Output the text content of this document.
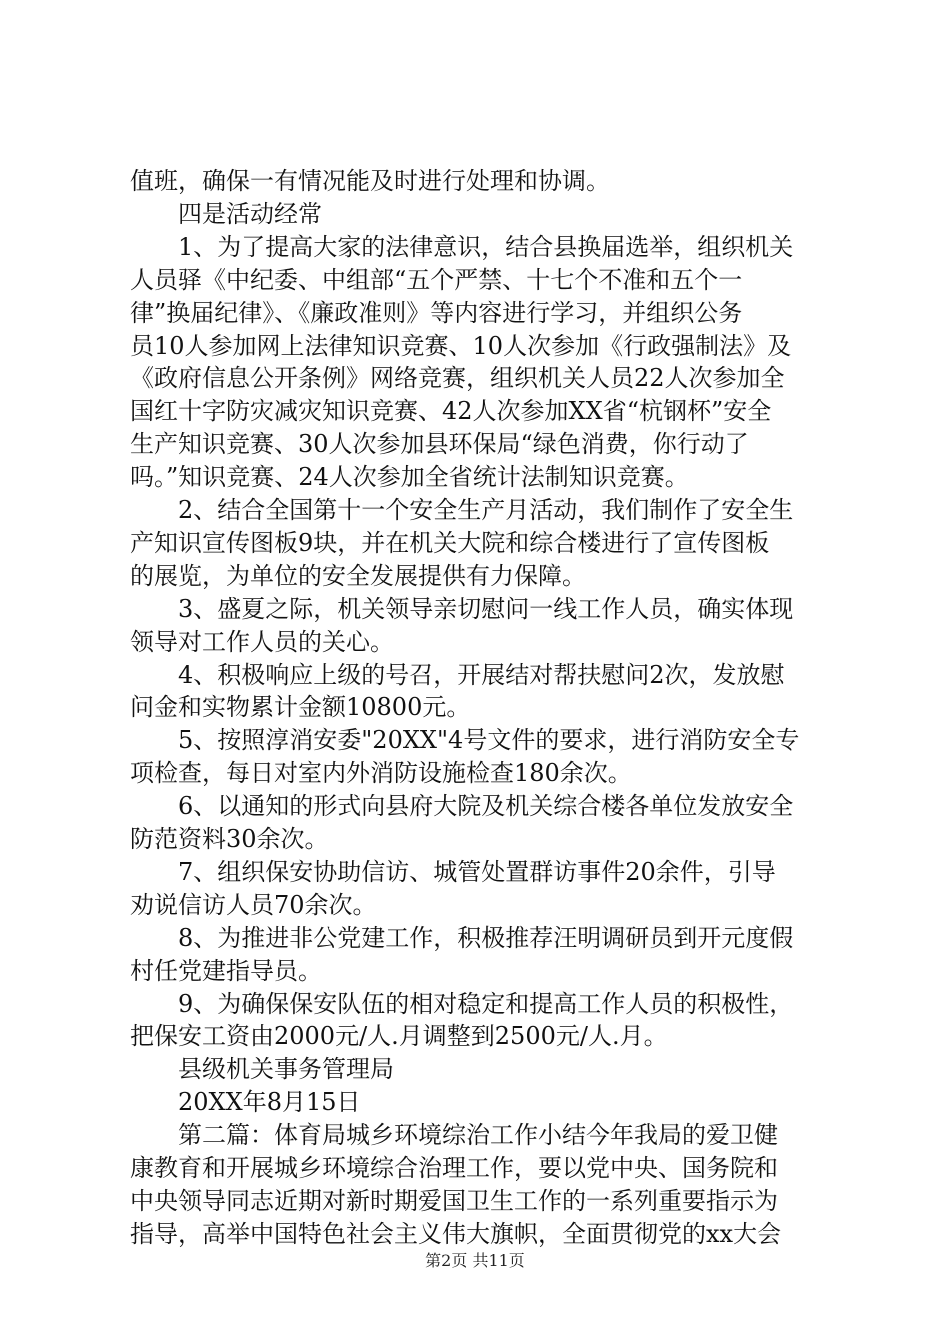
值班，确保一有情况能及时进行处理和协调。
四是活动经常
1、为了提高大家的法律意识，结合县换届选举，组织机关
人员驿《中纪委、中组部“五个严禁、十七个不准和五个一
律”换届纪律》、《廉政准则》等内容进行学习，并组织公务
员10人参加网上法律知识竞赛、10人次参加《行政强制法》及
《政府信息公开条例》网络竞赛，组织机关人员22人次参加全
国红十字防灾减灾知识竞赛、42人次参加XX省“杭钢杯”安全
生产知识竞赛、30人次参加县环保局“绿色消费，你行动了
吗。”知识竞赛、24人次参加全省统计法制知识竞赛。
2、结合全国第十一个安全生产月活动，我们制作了安全生
产知识宣传图板9块，并在机关大院和综合楼进行了宣传图板
的展览，为单位的安全发展提供有力保障。
3、盛夏之际，机关领导亲切慰问一线工作人员，确实体现
领导对工作人员的关心。
4、积极响应上级的号召，开展结对帮扶慰问2次，发放慰
问金和实物累计金额10800元。
5、按照淳消安委"20XX"4号文件的要求，进行消防安全专
项检查，每日对室内外消防设施检查180余次。
6、以通知的形式向县府大院及机关综合楼各单位发放安全
防范资料30余次。
7、组织保安协助信访、城管处置群访事件20余件，引导
劝说信访人员70余次。
8、为推进非公党建工作，积极推荐汪明调研员到开元度假
村任党建指导员。
9、为确保保安队伍的相对稳定和提高工作人员的积极性，
把保安工资由2000元/人.月调整到2500元/人.月。
县级机关事务管理局
20XX年8月15日
第二篇：体育局城乡环境综治工作小结今年我局的爱卫健
康教育和开展城乡环境综合治理工作，要以党中央、国务院和
中央领导同志近期对新时期爱国卫生工作的一系列重要指示为
指导，高举中国特色社会主义伟大旗帜，全面贯彻党的xx大会
第2页 共11页
